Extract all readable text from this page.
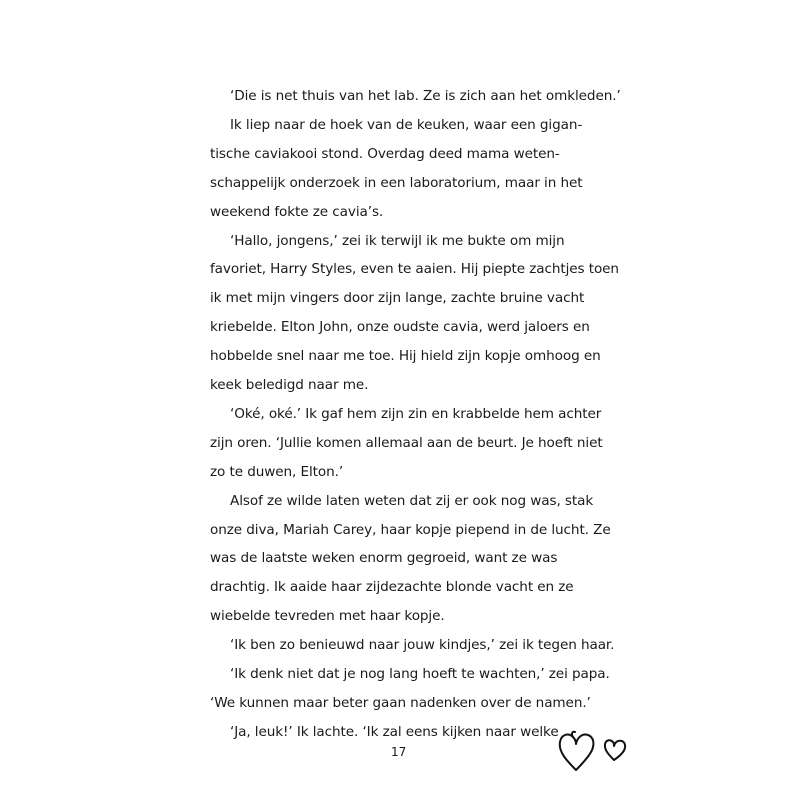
‘Die is net thuis van het lab. Ze is zich aan het omkleden.’
Ik liep naar de hoek van de keuken, waar een gigan-
tische caviakooi stond. Overdag deed mama weten-
schappelijk onderzoek in een laboratorium, maar in het
weekend fokte ze cavia’s.
‘Hallo, jongens,’ zei ik terwijl ik me bukte om mijn
favoriet, Harry Styles, even te aaien. Hij piepte zachtjes toen
ik met mijn vingers door zijn lange, zachte bruine vacht
kriebelde. Elton John, onze oudste cavia, werd jaloers en
hobbelde snel naar me toe. Hij hield zijn kopje omhoog en
keek beledigd naar me.
‘Oké, oké.’ Ik gaf hem zijn zin en krabbelde hem achter
zijn oren. ‘Jullie komen allemaal aan de beurt. Je hoeft niet
zo te duwen, Elton.’
Alsof ze wilde laten weten dat zij er ook nog was, stak
onze diva, Mariah Carey, haar kopje piepend in de lucht. Ze
was de laatste weken enorm gegroeid, want ze was
drachtig. Ik aaide haar zijdezachte blonde vacht en ze
wiebelde tevreden met haar kopje.
‘Ik ben zo benieuwd naar jouw kindjes,’ zei ik tegen haar.
‘Ik denk niet dat je nog lang hoeft te wachten,’ zei papa.
‘We kunnen maar beter gaan nadenken over de namen.’
‘Ja, leuk!’ Ik lachte. ‘Ik zal eens kijken naar welke
17
